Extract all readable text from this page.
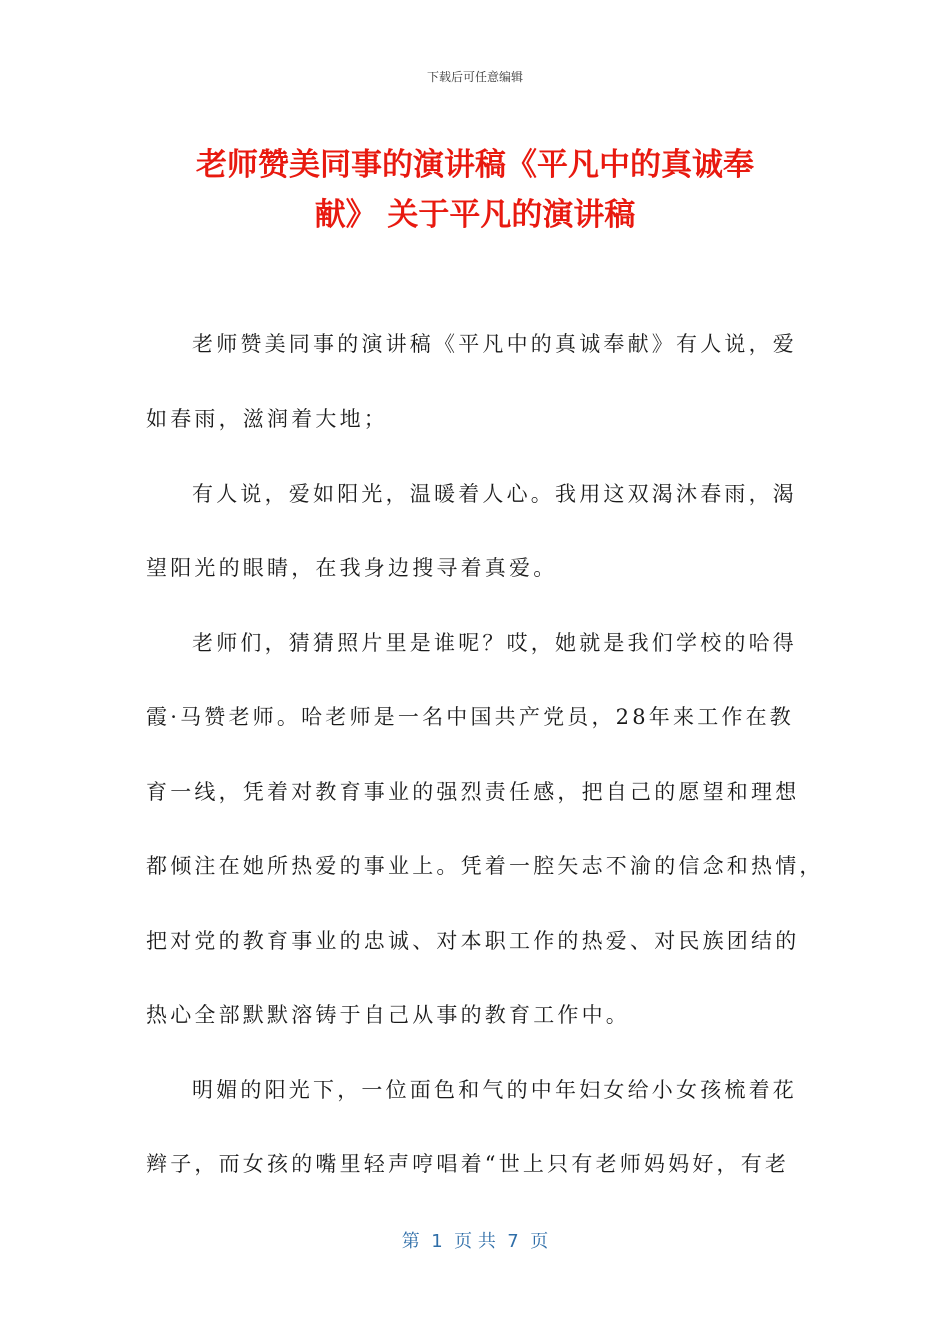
下载后可任意编辑
老师赞美同事的演讲稿《平凡中的真诚奉
献》 关于平凡的演讲稿
老师赞美同事的演讲稿《平凡中的真诚奉献》有人说，爱
如春雨，滋润着大地；
有人说，爱如阳光，温暖着人心。我用这双渴沐春雨，渴
望阳光的眼睛，在我身边搜寻着真爱。
老师们，猜猜照片里是谁呢？哎，她就是我们学校的哈得
霞·马赞老师。哈老师是一名中国共产党员，28年来工作在教
育一线，凭着对教育事业的强烈责任感，把自己的愿望和理想
都倾注在她所热爱的事业上。凭着一腔矢志不渝的信念和热情，
把对党的教育事业的忠诚、对本职工作的热爱、对民族团结的
热心全部默默溶铸于自己从事的教育工作中。
明媚的阳光下，一位面色和气的中年妇女给小女孩梳着花
辫子，而女孩的嘴里轻声哼唱着“世上只有老师妈妈好，有老
第  1  页 共  7  页
